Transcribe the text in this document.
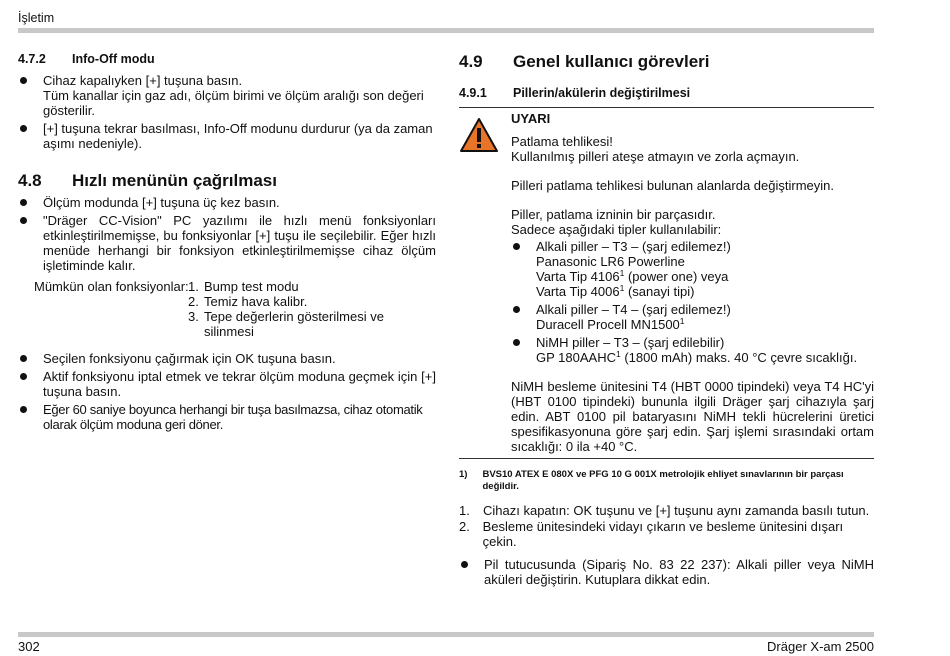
İşletim
4.7.2	Info-Off modu
Cihaz kapalıyken [+] tuşuna basın.
Tüm kanallar için gaz adı, ölçüm birimi ve ölçüm aralığı son değeri gösterilir.
[+] tuşuna tekrar basılması, Info-Off modunu durdurur (ya da zaman aşımı nedeniyle).
4.8	Hızlı menünün çağrılması
Ölçüm modunda [+] tuşuna üç kez basın.
"Dräger CC-Vision" PC yazılımı ile hızlı menü fonksiyonları etkinleştirilmemişse, bu fonksiyonlar [+] tuşu ile seçilebilir. Eğer hızlı menüde herhangi bir fonksiyon etkinleştirilmemişse cihaz ölçüm işletiminde kalır.
Mümkün olan fonksiyonlar: 1. Bump test modu
2. Temiz hava kalibr.
3. Tepe değerlerin gösterilmesi ve silinmesi
Seçilen fonksiyonu çağırmak için OK tuşuna basın.
Aktif fonksiyonu iptal etmek ve tekrar ölçüm moduna geçmek için [+] tuşuna basın.
Eğer 60 saniye boyunca herhangi bir tuşa basılmazsa, cihaz otomatik olarak ölçüm moduna geri döner.
4.9	Genel kullanıcı görevleri
4.9.1	Pillerin/akülerin değiştirilmesi
UYARI

Patlama tehlikesi!
Kullanılmış pilleri ateşe atmayın ve zorla açmayın.

Pilleri patlama tehlikesi bulunan alanlarda değiştirmeyin.

Piller, patlama izninin bir parçasıdır.
Sadece aşağıdaki tipler kullanılabilir:

Alkali piller – T3 – (şarj edilemez!)
Panasonic LR6 Powerline
Varta Tip 4106$^1$ (power one) veya
Varta Tip 4006$^1$ (sanayi tipi)
Alkali piller – T4 – (şarj edilemez!)
Duracell Procell MN1500$^1$
NiMH piller – T3 – (şarj edilebilir)
GP 180AAHC$^1$ (1800 mAh) maks. 40 °C çevre sıcaklığı.

NiMH besleme ünitesini T4 (HBT 0000 tipindeki) veya T4 HC'yi (HBT 0100 tipindeki) bununla ilgili Dräger şarj cihazıyla şarj edin. ABT 0100 pil bataryasını NiMH tekli hücrelerini üretici spesifikasyonuna göre şarj edin. Şarj işlemi sırasındaki ortam sıcaklığı: 0 ila +40 °C.

1)	BVS10 ATEX E 080X ve PFG 10 G 001X metrolojik ehliyet sınavlarının bir parçası değildir.
1.	Cihazı kapatın: OK tuşunu ve [+] tuşunu aynı zamanda basılı tutun.
2. Besleme ünitesindeki vidayı çıkarın ve besleme ünitesini dışarı çekin.
Pil tutucusunda (Sipariş No. 83 22 237): Alkali piller veya NiMH aküleri değiştirin. Kutuplara dikkat edin.
302	Dräger X-am 2500
